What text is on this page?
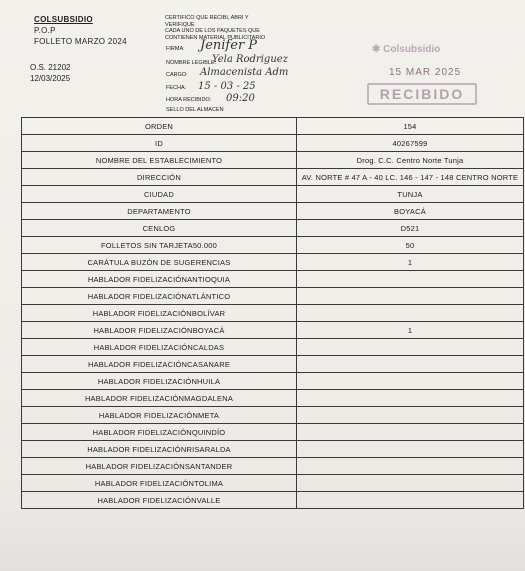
COLSUBSIDIO
P.O.P
FOLLETO MARZO 2024
O.S. 21202
12/03/2025
CERTIFICO QUE RECIBI, ABRI Y
VERIFIQUE
CADA UNO DE LOS PAQUETES QUE
CONTIENEN MATERIAL PUBLICITARIO
FIRMA:
NOMBRE LEGIBLE:
CARGO:
FECHA:
HORA RECIBIDO:
Jenifer P
Yela Rodriguez
Almacenista Adm
15 - 03 - 25
09:20
✱ Colsubsidio
15 MAR 2025
RECIBIDO
SELLO DEL ALMACEN
ORDEN	154
ID	40267599
NOMBRE DEL ESTABLECIMIENTO	Drog. C.C. Centro Norte Tunja
DIRECCIÓN	AV. NORTE # 47 A - 40 LC. 146 - 147 - 148 CENTRO NORTE
CIUDAD	TUNJA
DEPARTAMENTO	BOYACÁ
CENLOG	D521
FOLLETOS SIN TARJETA50.000	50
CARÁTULA BUZÓN DE SUGERENCIAS	1
HABLADOR FIDELIZACIÓNANTIOQUIA	
HABLADOR FIDELIZACIÓNATLÁNTICO	
HABLADOR FIDELIZACIÓNBOLÍVAR	
HABLADOR FIDELIZACIÓNBOYACÁ	1
HABLADOR FIDELIZACIÓNCALDAS	
HABLADOR FIDELIZACIÓNCASANARE	
HABLADOR FIDELIZACIÓNHUILA	
HABLADOR FIDELIZACIÓNMAGDALENA	
HABLADOR FIDELIZACIÓNMETA	
HABLADOR FIDELIZACIÓNQUINDÍO	
HABLADOR FIDELIZACIÓNRISARALDA	
HABLADOR FIDELIZACIÓNSANTANDER	
HABLADOR FIDELIZACIÓNTOLIMA	
HABLADOR FIDELIZACIÓNVALLE	
